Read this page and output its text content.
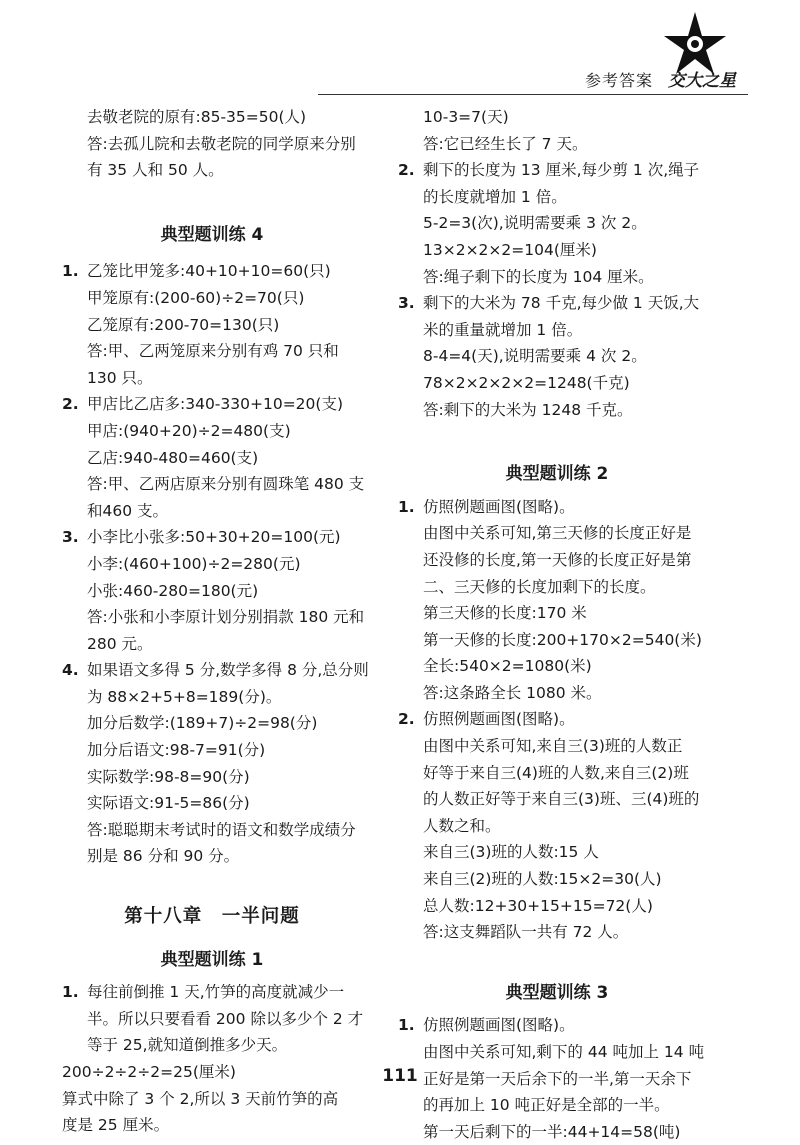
参考答案 交大之星
去敬老院的原有:85-35=50(人)
答:去孤儿院和去敬老院的同学原来分别
有 35 人和 50 人。
典型题训练 4
1. 乙笼比甲笼多:40+10+10=60(只)
甲笼原有:(200-60)÷2=70(只)
乙笼原有:200-70=130(只)
答:甲、乙两笼原来分别有鸡 70 只和
130 只。
2. 甲店比乙店多:340-330+10=20(支)
甲店:(940+20)÷2=480(支)
乙店:940-480=460(支)
答:甲、乙两店原来分别有圆珠笔 480 支
和460 支。
3. 小李比小张多:50+30+20=100(元)
小李:(460+100)÷2=280(元)
小张:460-280=180(元)
答:小张和小李原计划分别捐款 180 元和
280 元。
4. 如果语文多得 5 分,数学多得 8 分,总分则
为 88×2+5+8=189(分)。
加分后数学:(189+7)÷2=98(分)
加分后语文:98-7=91(分)
实际数学:98-8=90(分)
实际语文:91-5=86(分)
答:聪聪期末考试时的语文和数学成绩分
别是 86 分和 90 分。
第十八章　一半问题
典型题训练 1
1. 每往前倒推 1 天,竹笋的高度就减少一
半。所以只要看看 200 除以多少个 2 才
等于 25,就知道倒推多少天。
200÷2÷2÷2=25(厘米)
算式中除了 3 个 2,所以 3 天前竹笋的高
度是 25 厘米。
10-3=7(天)
答:它已经生长了 7 天。
2. 剩下的长度为 13 厘米,每少剪 1 次,绳子
的长度就增加 1 倍。
5-2=3(次),说明需要乘 3 次 2。
13×2×2×2=104(厘米)
答:绳子剩下的长度为 104 厘米。
3. 剩下的大米为 78 千克,每少做 1 天饭,大
米的重量就增加 1 倍。
8-4=4(天),说明需要乘 4 次 2。
78×2×2×2×2=1248(千克)
答:剩下的大米为 1248 千克。
典型题训练 2
1. 仿照例题画图(图略)。
由图中关系可知,第三天修的长度正好是
还没修的长度,第一天修的长度正好是第
二、三天修的长度加剩下的长度。
第三天修的长度:170 米
第一天修的长度:200+170×2=540(米)
全长:540×2=1080(米)
答:这条路全长 1080 米。
2. 仿照例题画图(图略)。
由图中关系可知,来自三(3)班的人数正
好等于来自三(4)班的人数,来自三(2)班
的人数正好等于来自三(3)班、三(4)班的
人数之和。
来自三(3)班的人数:15 人
来自三(2)班的人数:15×2=30(人)
总人数:12+30+15+15=72(人)
答:这支舞蹈队一共有 72 人。
典型题训练 3
1. 仿照例题画图(图略)。
由图中关系可知,剩下的 44 吨加上 14 吨
正好是第一天后余下的一半,第一天余下
的再加上 10 吨正好是全部的一半。
第一天后剩下的一半:44+14=58(吨)
111
